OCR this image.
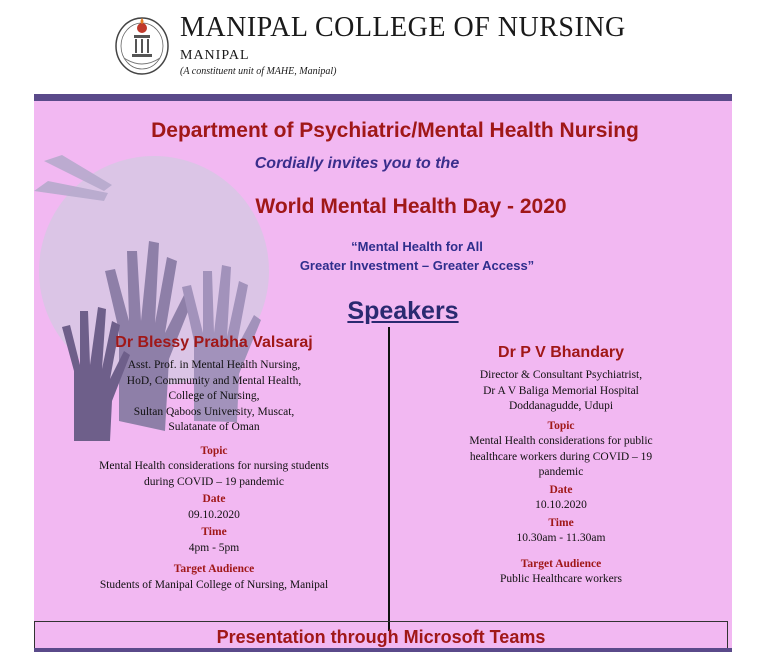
MANIPAL COLLEGE OF NURSING
MANIPAL
(A constituent unit of MAHE, Manipal)
Department of Psychiatric/Mental Health Nursing
Cordially invites you to the
World Mental Health Day - 2020
“Mental Health for All
Greater Investment – Greater Access”
Speakers
Dr Blessy Prabha Valsaraj
Asst. Prof. in Mental Health Nursing,
HoD, Community and Mental Health,
College of Nursing,
Sultan Qaboos University, Muscat,
Sulatanate of Oman
Topic
Mental Health considerations for nursing students
during COVID – 19 pandemic
Date
09.10.2020
Time
4pm - 5pm
Target Audience
Students of Manipal College of Nursing, Manipal
Dr P V Bhandary
Director & Consultant Psychiatrist,
Dr A V Baliga Memorial Hospital
Doddanagudde, Udupi
Topic
Mental Health considerations for public
healthcare workers during COVID – 19
pandemic
Date
10.10.2020
Time
10.30am - 11.30am
Target Audience
Public Healthcare workers
Presentation through Microsoft Teams
